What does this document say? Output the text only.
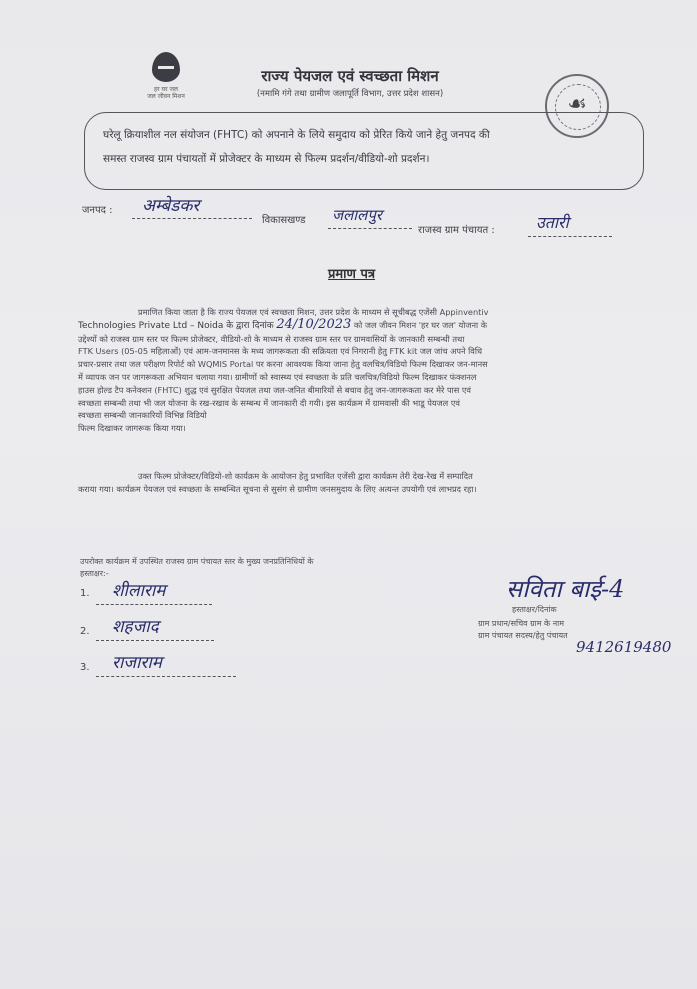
हर घर जल
जल जीवन मिशन
राज्य पेयजल एवं स्वच्छता मिशन
(नमामि गंगे तथा ग्रामीण जलापूर्ति विभाग, उत्तर प्रदेश शासन)	☙
घरेलू क्रियाशील नल संयोजन (FHTC) को अपनाने के लिये समुदाय को प्रेरित किये जाने हेतु जनपद की
समस्त राजस्व ग्राम पंचायतों में प्रोजेक्टर के माध्यम से फिल्म प्रदर्शन/वीडियो-शो प्रदर्शन।
जनपद : अम्बेडकर
विकासखण्ड जलालपुर
राजस्व ग्राम पंचायत :	उतारी
प्रमाण पत्र
प्रमाणित किया जाता है कि राज्य पेयजल एवं स्वच्छता मिशन, उत्तर प्रदेश के माध्यम से सूचीबद्ध एजेंसी Appinventiv
Technologies Private Ltd – Noida के द्वारा दिनांक 24/10/2023 को जल जीवन मिशन 'हर घर जल' योजना के
उद्देश्यों को राजस्व ग्राम स्तर पर फिल्म प्रोजेक्टर, वीडियो-शो के माध्यम से राजस्व ग्राम स्तर पर ग्रामवासियों के जानकारी सम्बन्धी तथा
FTK Users (05-05 महिलाओं) एवं आम-जनमानस के मध्य जागरूकता की सक्रियता एवं निगरानी हेतु FTK kit जल जांच अपने विधि
प्रचार-प्रसार तथा जल परीक्षण रिपोर्ट को WQMIS Portal पर करना आवश्यक किया जाना हेतु वलचित्र/विडियो फिल्म दिखाकर जन-मानस
में व्यापक जन पर जागरूकता अभियान चलाया गया। ग्रामीणों को स्वास्थ्य एवं स्वच्छता के प्रति चलचित्र/विडियो फिल्म दिखाकर फंक्शनल
हाउस होल्ड टैप कनेक्शन (FHTC) शुद्ध एवं सुरक्षित पेयजल तथा जल-जनित बीमारियों से बचाव हेतु जन-जागरूकता कर मेरे पास एवं
स्वच्छता सम्बन्धी तथा भी जल योजना के रख-रखाव के सम्बन्ध में जानकारी दी गयी। इस कार्यक्रम में ग्रामवासी की भाडू पेयजल एवं
स्वच्छता सम्बन्धी जानकारियों विभिन्न विडियो
फिल्म दिखाकर जागरूक किया गया।
उक्त फिल्म प्रोजेक्टर/विडियो-शो कार्यक्रम के आयोजन हेतु प्रभावित एजेंसी द्वारा कार्यक्रम तेरी देख-रेख में सम्पादित
कराया गया। कार्यक्रम पेयजल एवं स्वच्छता के सम्बन्धित सूचना से सुसंग से ग्रामीण जनसमुदाय के लिए अत्यन्त उपयोगी एवं लाभप्रद रहा।
उपरोक्त कार्यक्रम में उपस्थित राजस्व ग्राम पंचायत स्तर के मुख्य जनप्रतिनिधियों के
हस्ताक्षर:-
1. शीलाराम
2. शहजाद
3. राजाराम
सविता बाई-4
हस्ताक्षर/दिनांक
ग्राम प्रधान/सचिव ग्राम के नाम
ग्राम पंचायत सदस्य/हेतु पंचायत
9412619480
